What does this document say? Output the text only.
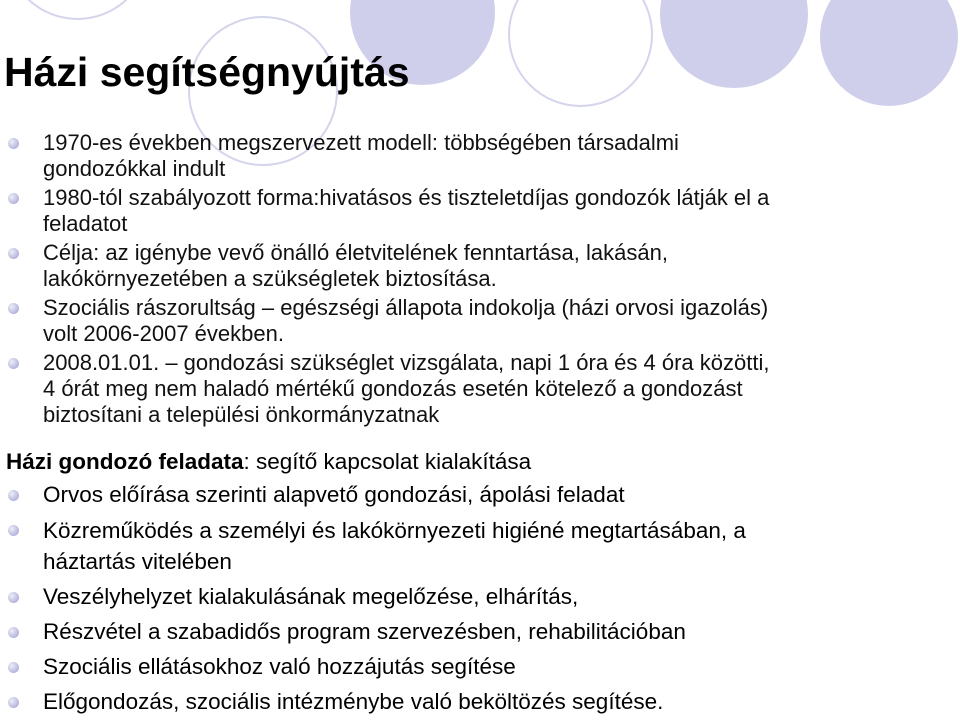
Házi segítségnyújtás
1970-es években megszervezett modell: többségében társadalmi
gondozókkal indult
1980-tól szabályozott forma:hivatásos és tiszteletdíjas gondozók látják el a
feladatot
Célja: az igénybe vevő önálló életvitelének fenntartása, lakásán,
lakókörnyezetében a szükségletek biztosítása.
Szociális rászorultság – egészségi állapota indokolja (házi orvosi igazolás)
volt 2006-2007 években.
2008.01.01. – gondozási szükséglet vizsgálata, napi 1 óra és 4 óra közötti,
4 órát meg nem haladó mértékű gondozás esetén kötelező a gondozást
biztosítani a települési önkormányzatnak

Házi gondozó feladata: segítő kapcsolat kialakítása

Orvos előírása szerinti alapvető gondozási, ápolási feladat
Közreműködés a személyi és lakókörnyezeti higiéné megtartásában, a
háztartás vitelében
Veszélyhelyzet kialakulásának megelőzése, elhárítás,
Részvétel a szabadidős program szervezésben, rehabilitációban
Szociális ellátásokhoz való hozzájutás segítése
Előgondozás, szociális intézménybe való beköltözés segítése.
